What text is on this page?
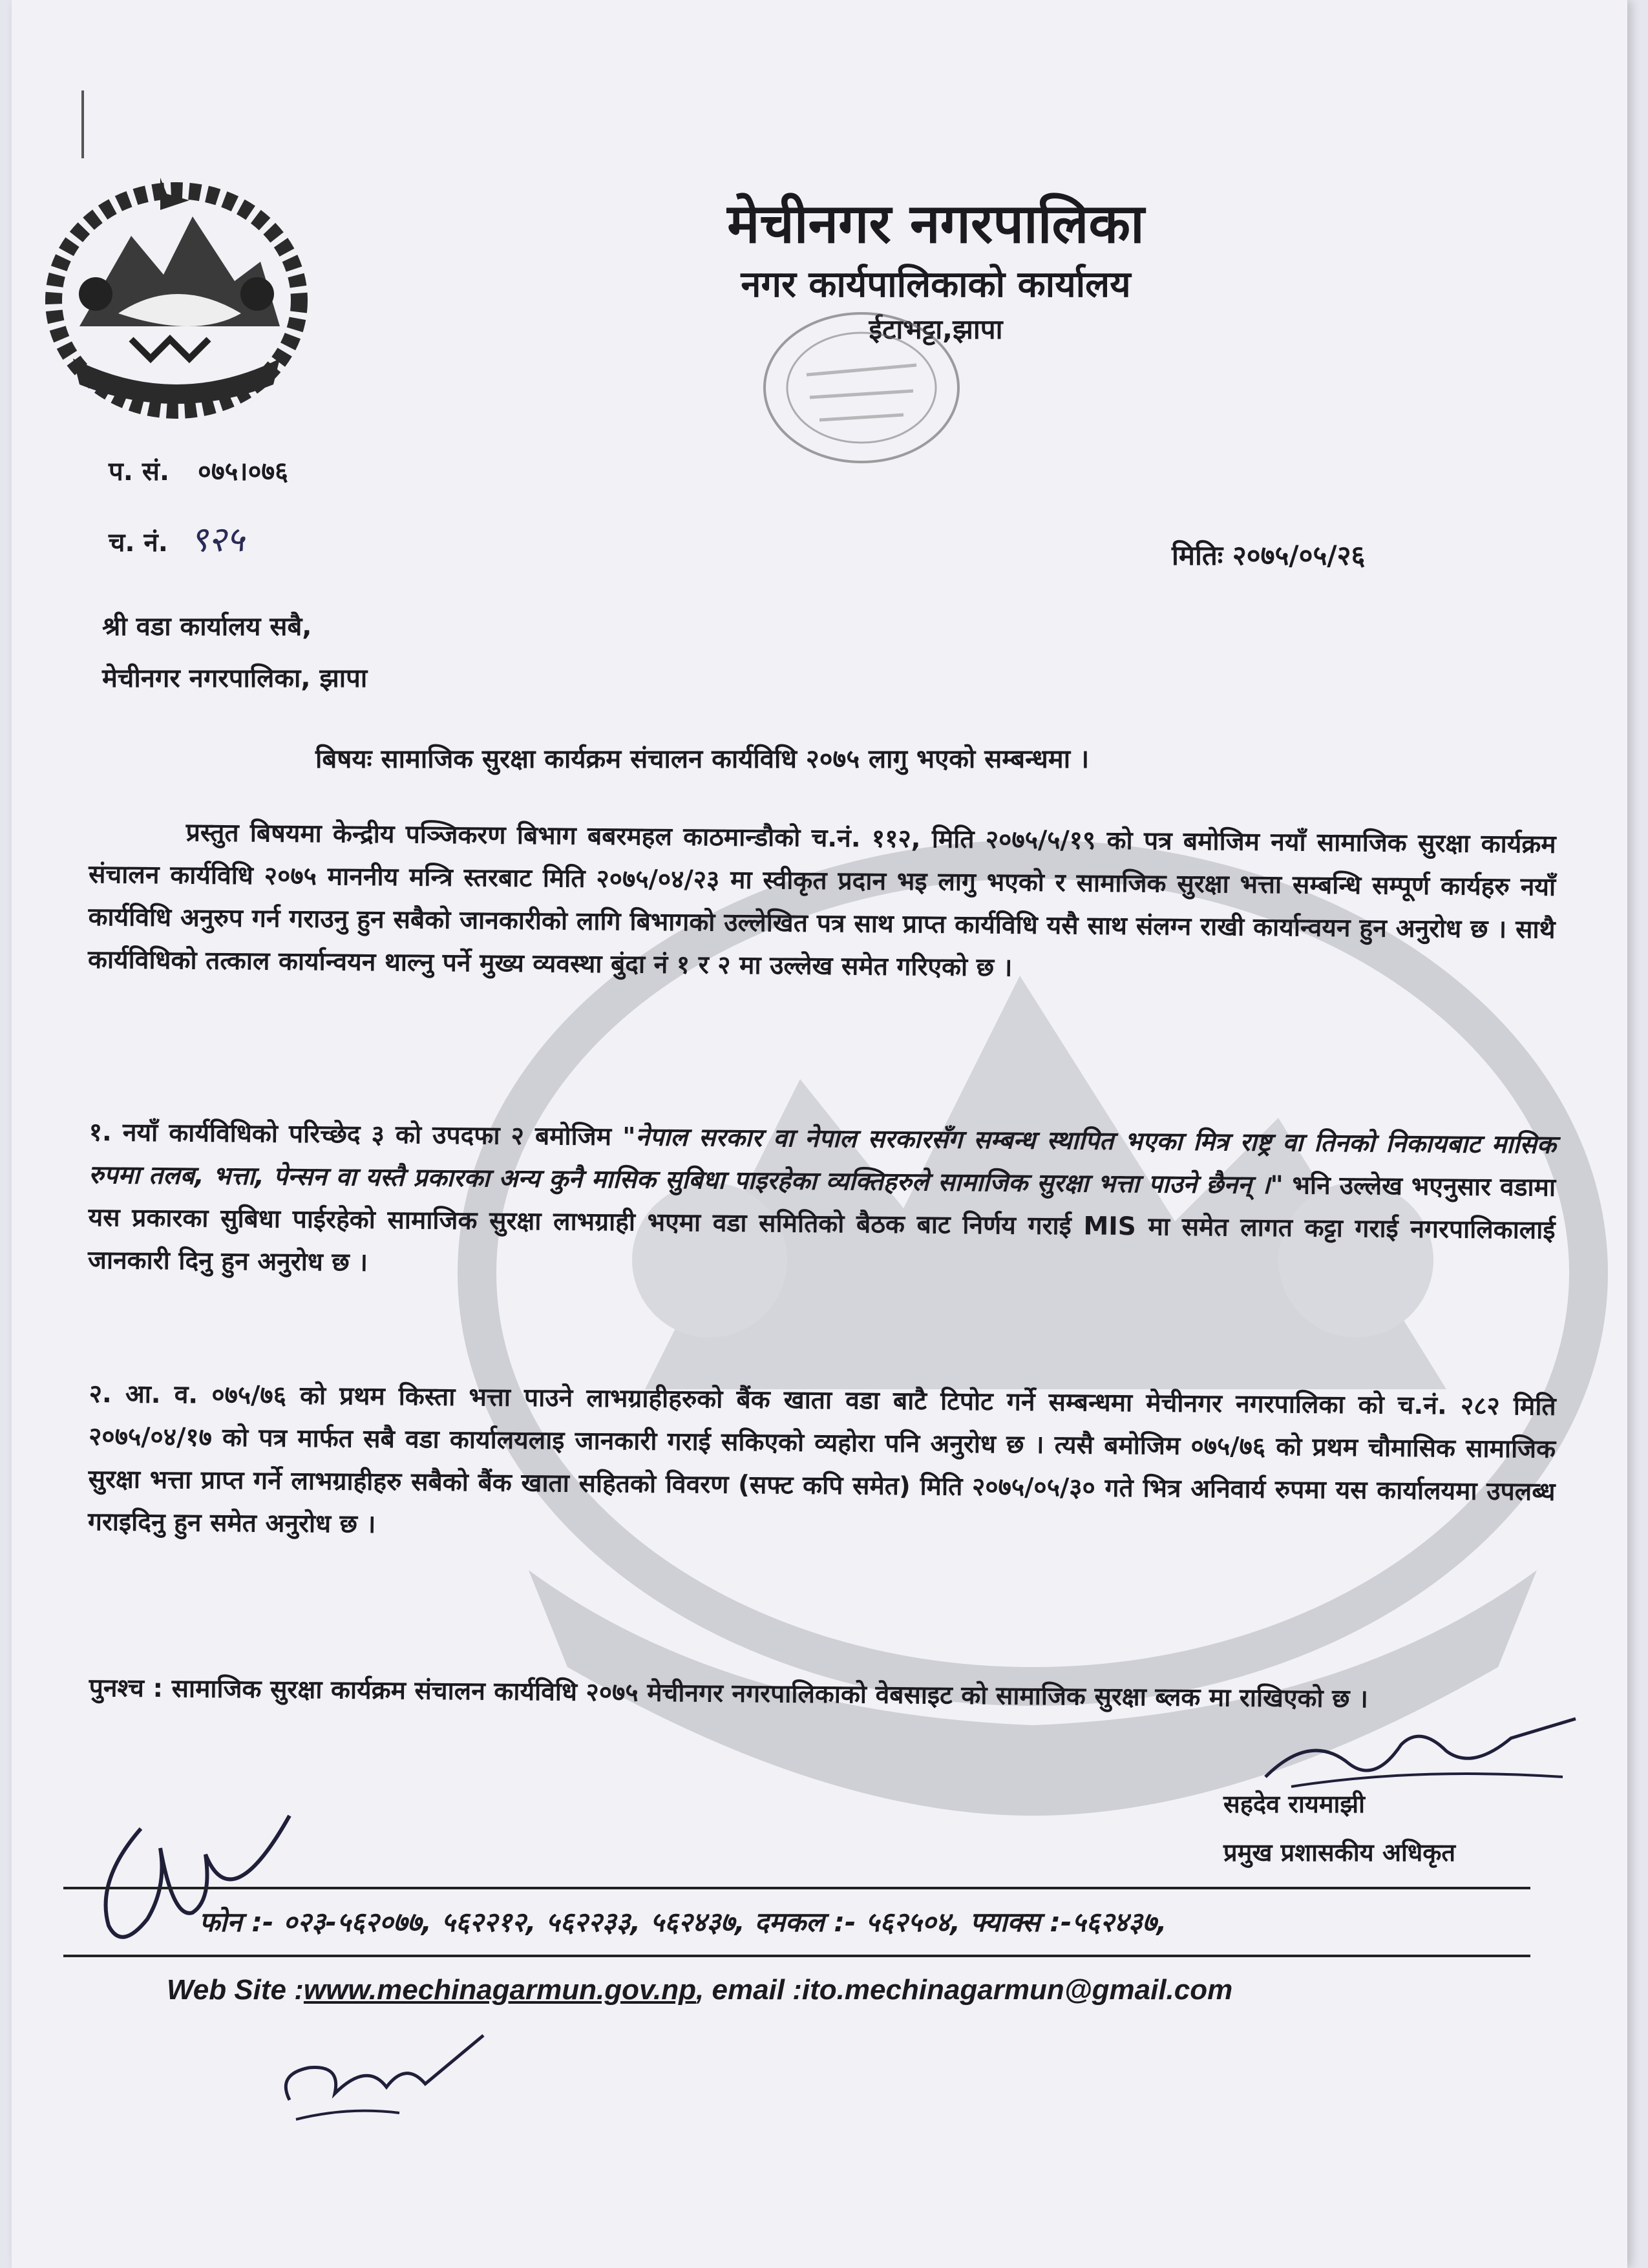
मेचीनगर नगरपालिका
नगर कार्यपालिकाको कार्यालय
ईटाभट्टा,झापा
प. सं. ०७५।०७६
च. नं. ९२५	मितिः २०७५/०५/२६
श्री वडा कार्यालय सबै,
मेचीनगर नगरपालिका, झापा
बिषयः सामाजिक सुरक्षा कार्यक्रम संचालन कार्यविधि २०७५ लागु भएको सम्बन्धमा ।

प्रस्तुत बिषयमा केन्द्रीय पञ्जिकरण बिभाग बबरमहल काठमान्डौको च.नं. ११२, मिति २०७५/५/१९ को पत्र बमोजिम नयाँ सामाजिक सुरक्षा कार्यक्रम संचालन कार्यविधि २०७५ माननीय मन्त्रि स्तरबाट मिति २०७५/०४/२३ मा स्वीकृत प्रदान भइ लागु भएको र सामाजिक सुरक्षा भत्ता सम्बन्धि सम्पूर्ण कार्यहरु नयाँ कार्यविधि अनुरुप गर्न गराउनु हुन सबैको जानकारीको लागि बिभागको उल्लेखित पत्र साथ प्राप्त कार्यविधि यसै साथ संलग्न राखी कार्यान्वयन हुन अनुरोध छ । साथै कार्यविधिको तत्काल कार्यान्वयन थाल्नु पर्ने मुख्य व्यवस्था बुंदा नं १ र २ मा उल्लेख समेत गरिएको छ ।

१. नयाँ कार्यविधिको परिच्छेद ३ को उपदफा २ बमोजिम "नेपाल सरकार वा नेपाल सरकारसँग सम्बन्ध स्थापित भएका मित्र राष्ट्र वा तिनको निकायबाट मासिक रुपमा तलब, भत्ता, पेन्सन वा यस्तै प्रकारका अन्य कुनै मासिक सुबिधा पाइरहेका व्यक्तिहरुले सामाजिक सुरक्षा भत्ता पाउने छैनन् ।" भनि उल्लेख भएनुसार वडामा यस प्रकारका सुबिधा पाईरहेको सामाजिक सुरक्षा लाभग्राही भएमा वडा समितिको बैठक बाट निर्णय गराई MIS मा समेत लागत कट्टा गराई नगरपालिकालाई जानकारी दिनु हुन अनुरोध छ ।

२. आ. व. ०७५/७६ को प्रथम किस्ता भत्ता पाउने लाभग्राहीहरुको बैंक खाता वडा बाटै टिपोट गर्ने सम्बन्धमा मेचीनगर नगरपालिका को च.नं. २८२ मिति २०७५/०४/१७ को पत्र मार्फत सबै वडा कार्यालयलाइ जानकारी गराई सकिएको व्यहोरा पनि अनुरोध छ । त्यसै बमोजिम ०७५/७६ को प्रथम चौमासिक सामाजिक सुरक्षा भत्ता प्राप्त गर्ने लाभग्राहीहरु सबैको बैंक खाता सहितको विवरण (सफ्ट कपि समेत) मिति २०७५/०५/३० गते भित्र अनिवार्य रुपमा यस कार्यालयमा उपलब्ध गराइदिनु हुन समेत अनुरोध छ ।

पुनश्च : सामाजिक सुरक्षा कार्यक्रम संचालन कार्यविधि २०७५ मेचीनगर नगरपालिकाको वेबसाइट को सामाजिक सुरक्षा ब्लक मा राखिएको छ ।

सहदेव रायमाझी
प्रमुख प्रशासकीय अधिकृत
फोन :- ०२३-५६२०७७, ५६२२१२, ५६२२३३, ५६२४३७, दमकल :- ५६२५०४, फ्याक्स :-५६२४३७,
Web Site :www.mechinagarmun.gov.np, email :ito.mechinagarmun@gmail.com
